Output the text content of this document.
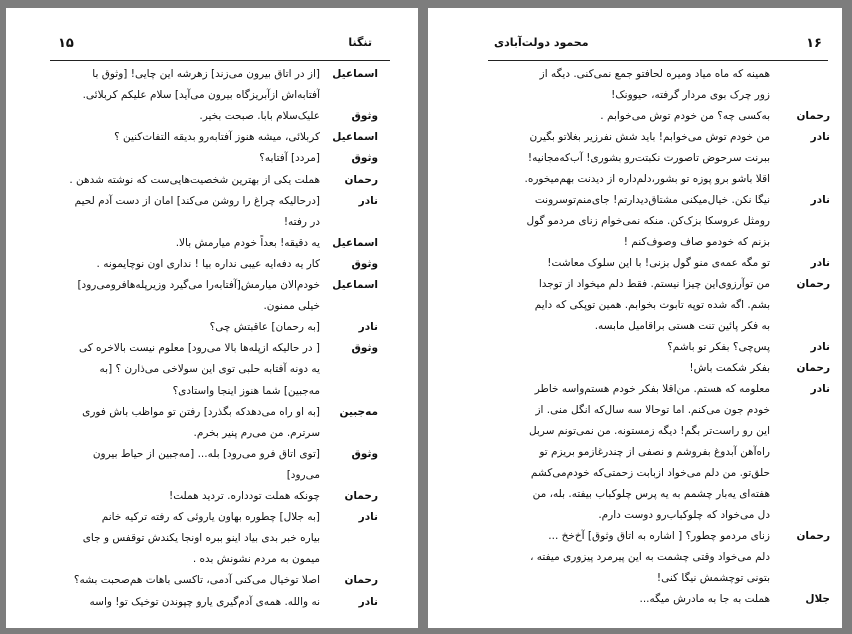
۱۵	تنگنا
[از در اتاق بیرون می‌زند] زهرشه این چایی! [وثوق با	اسماعیل
آفتابه‌اش ازآبریزگاه بیرون می‌آید] سلام علیکم کربلائی.
علیک‌سلام بابا. صبحت بخیر.	وثوق
کربلائی، میشه هنوز آفتابه‌رو بدیقه التفات‌کنین ؟	اسماعیل
[مردد] آفتابه؟	وثوق
هملت یکی از بهترین شخصیت‌هایی‌ست که نوشته شدهن .	رحمان
[درحالیکه چراغ را روشن می‌کند] امان از دست آدم لحیم	نادر
در رفته!
یه دقیقه! بعداً خودم میارمش بالا.	اسماعیل
کار یه دفه‌ایه عیبی نداره بیا ! نداری اون نوچایمونه .	وثوق
خودم‌الان میارمش[آفتابه‌را می‌گیرد وزیرپله‌هافرومی‌رود]	اسماعیل
خیلی ممنون.
[به رحمان] عاقبتش چی؟	نادر
[ در حالیکه ازپله‌ها بالا می‌رود] معلوم نیست بالاخره کی	وثوق
یه دونه آفتابه حلبی توی این سولاخی می‌ذارن ؟ [به
مه‌جبین] شما هنوز اینجا واستادی؟
[به او راه می‌دهدکه بگذرد] رفتن تو مواظب باش فوری	مه‌جبین
سرترم. من می‌رم پنیر بخرم.
[توی اتاق فرو می‌رود] بله... [مه‌جبین از حیاط بیرون	وثوق
می‌رود]
چونکه هملت تودداره. تردید هملت!	رحمان
[به جلال] چطوره بهاون یاروئی که رفته ترکیه خانم	نادر
بیاره خبر بدی بیاد اینو ببره اونجا یکندش توقفس و جای
میمون به مردم نشونش بده .
اصلا توخیال می‌کنی آدمی، تاکسی باهات هم‌صحبت بشه؟	رحمان
نه والله. همه‌ی آدم‌گیری یارو چپوندن توخیک تو! واسه	نادر
۱۶
محمود دولت‌آبادی
همینه که ماه میاد ومیره لحافتو جمع نمی‌کنی. دیگه از
زور چرک بوی مردار گرفته، حیوونک!
به‌کسی چه؟ من خودم توش می‌خوابم .	رحمان
من خودم توش می‌خوابم! باید شش نفرزیر بغلاتو بگیرن	نادر
ببرنت سرحوض تاصورت نکبتت‌رو بشوری! آب‌که‌مجانیه!
اقلا باشو برو پوزه‌ تو بشور،دلم‌داره از دیدنت بهم‌میخوره.
نیگا نکن. خیال‌میکنی مشتاق‌دیدارتم! جای‌منم‌توسرونت	نادر
رومثل عروسکا بزک‌کن. منکه نمی‌خوام زنای مردمو گول
بزنم که خودمو صاف وصوف‌کنم !
تو مگه عمه‌ی منو گول بزنی! با این سلوک معاشت!	نادر
من توآرزوی‌این چیزا نیستم. فقط دلم میخواد از توجدا	رحمان
بشم. اگه شده توپه تابوت بخوابم. همین توپکی که دایم
به فکر پائین تنت هستی براقامیل مابسه.
پس‌چی؟ بفکر تو باشم؟	نادر
بفکر شکمت باش!	رحمان
معلومه که هستم. من‌اقلا بفکر خودم هستم‌واسه خاطر	نادر
خودم جون می‌کنم. اما توحالا سه سال‌که انگل منی. از
این رو راست‌تر بگم! دیگه زمستونه. من نمی‌تونم سربل
راه‌آهن آبدوغ بفروشم و نصفی از چندرغازمو بریزم تو
حلق‌تو. من دلم می‌خواد ازبابت زحمتی‌که خودم‌می‌کشم
هفته‌ای یه‌بار چشمم به یه پرس چلوکباب بیفته. بله، من
دل می‌خواد که چلوکباب‌رو دوست دارم.
زنای مردمو چطور؟ [ اشاره به اتاق وثوق] آخ‌خخ ...	رحمان
دلم می‌خواد وقتی چشمت به این پیرمرد پیزوری میفته ،
بتونی توچشمش نیگا کنی!
هملت به جا به مادرش میگه...	جلال
